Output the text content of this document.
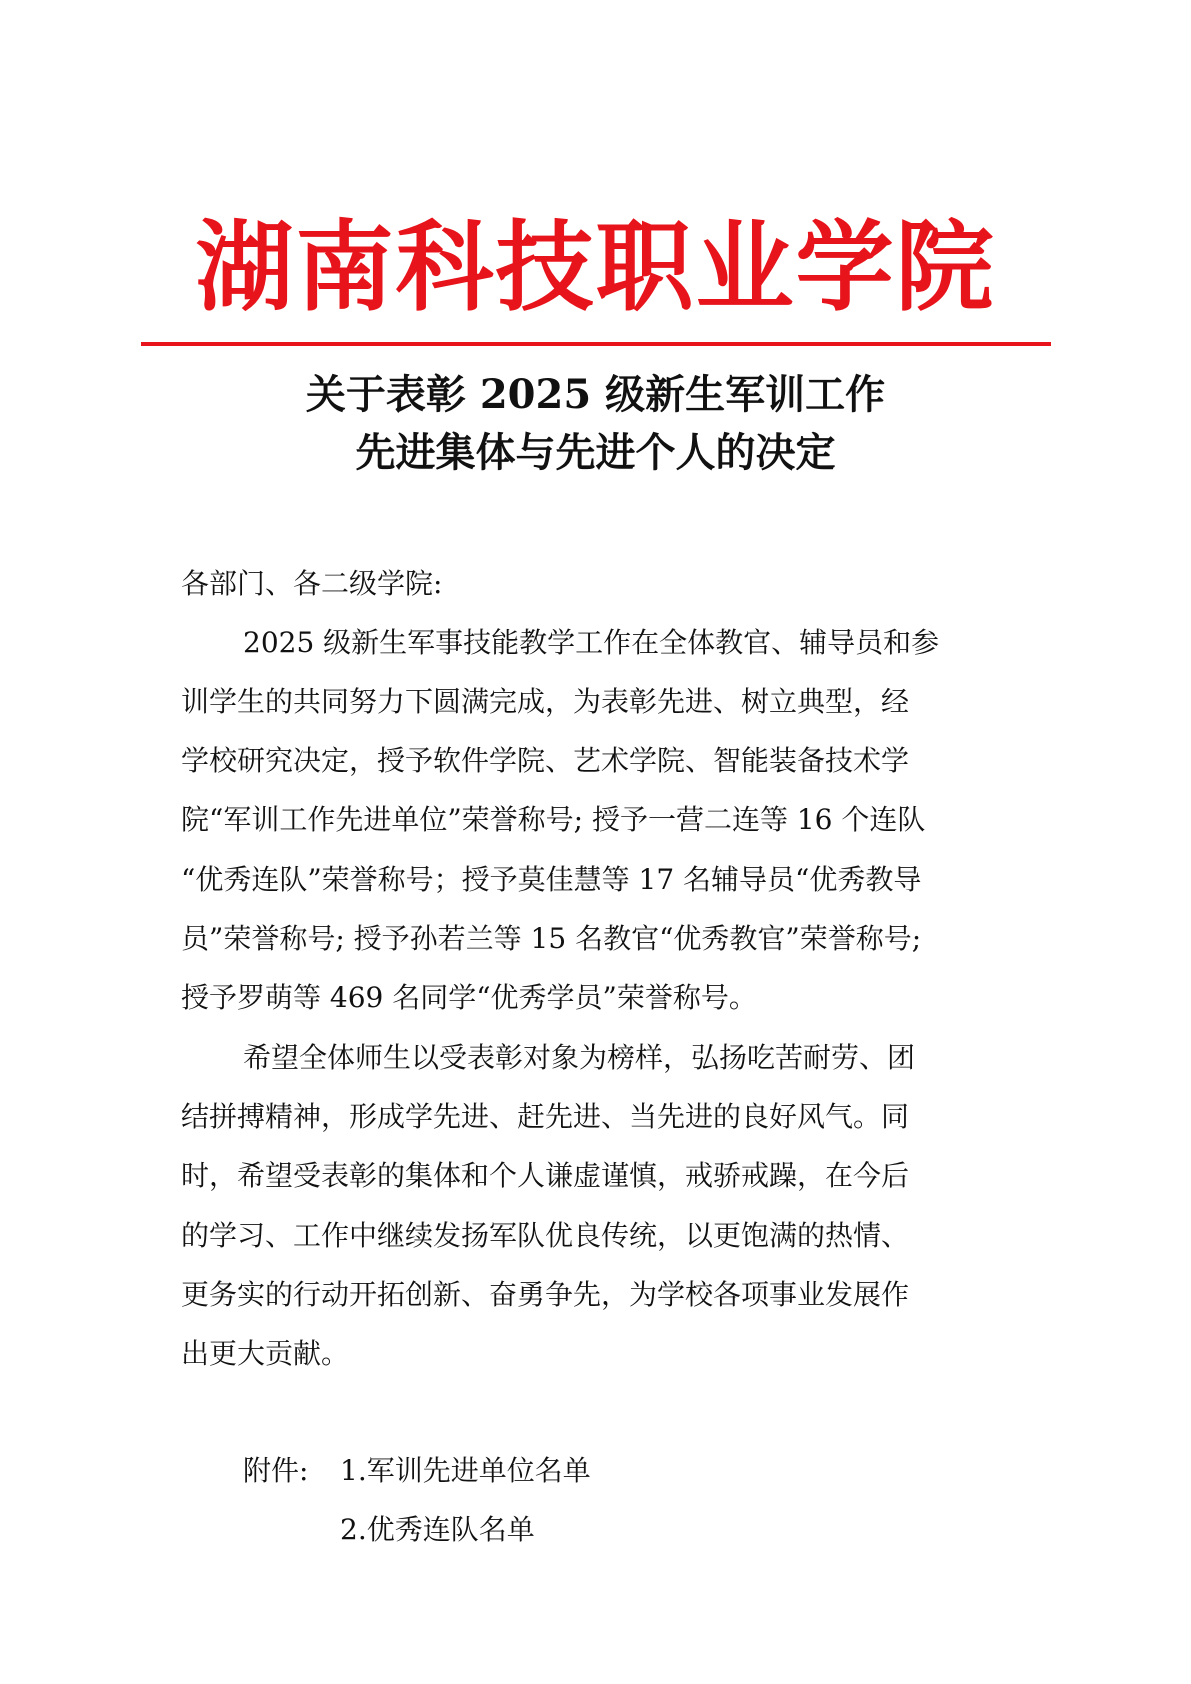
湖南科技职业学院
关于表彰 2025 级新生军训工作
先进集体与先进个人的决定
各部门、各二级学院:
2025 级新生军事技能教学工作在全体教官、辅导员和参
训学生的共同努力下圆满完成，为表彰先进、树立典型，经
学校研究决定，授予软件学院、艺术学院、智能装备技术学
院“军训工作先进单位”荣誉称号; 授予一营二连等 16 个连队
“优秀连队”荣誉称号；授予莫佳慧等 17 名辅导员“优秀教导
员”荣誉称号; 授予孙若兰等 15 名教官“优秀教官”荣誉称号;
授予罗萌等 469 名同学“优秀学员”荣誉称号。
希望全体师生以受表彰对象为榜样，弘扬吃苦耐劳、团
结拼搏精神，形成学先进、赶先进、当先进的良好风气。同
时，希望受表彰的集体和个人谦虚谨慎，戒骄戒躁，在今后
的学习、工作中继续发扬军队优良传统，以更饱满的热情、
更务实的行动开拓创新、奋勇争先，为学校各项事业发展作
出更大贡献。
附件: 1.军训先进单位名单
2.优秀连队名单
